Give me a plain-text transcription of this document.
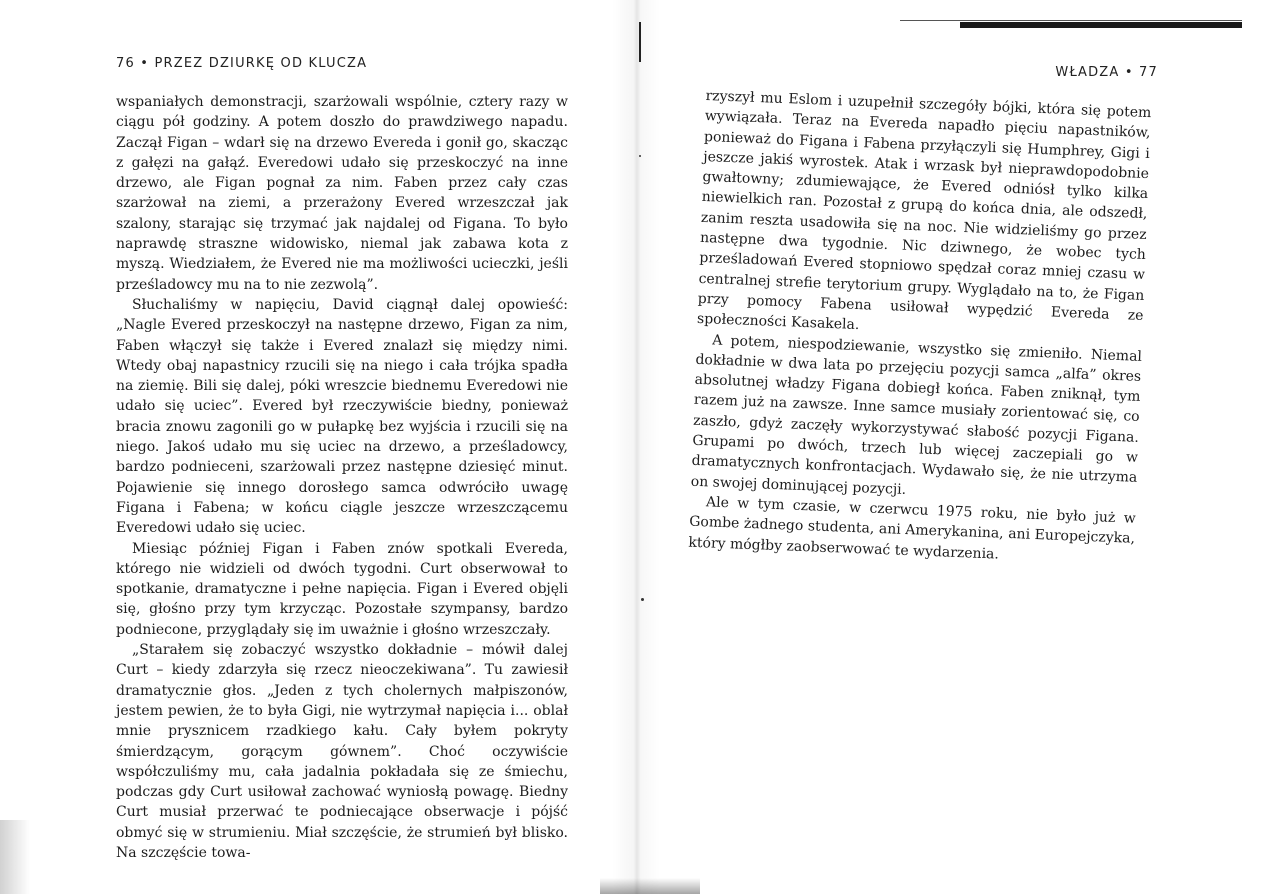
76 • PRZEZ DZIURKĘ OD KLUCZA
WŁADZA • 77

wspaniałych demonstracji, szarżowali wspólnie, cztery razy w ciągu pół godziny. A potem doszło do prawdziwego napadu. Zaczął Figan – wdarł się na drzewo Evereda i gonił go, skacząc z gałęzi na gałąź. Everedowi udało się przeskoczyć na inne drzewo, ale Figan pognał za nim. Faben przez cały czas szarżował na ziemi, a przerażony Evered wrzeszczał jak szalony, starając się trzymać jak najdalej od Figana. To było naprawdę straszne widowisko, niemal jak zabawa kota z myszą. Wiedziałem, że Evered nie ma możliwości ucieczki, jeśli prześladowcy mu na to nie zezwolą”.

Słuchaliśmy w napięciu, David ciągnął dalej opowieść: „Nagle Evered przeskoczył na następne drzewo, Figan za nim, Faben włączył się także i Evered znalazł się między nimi. Wtedy obaj napastnicy rzucili się na niego i cała trójka spadła na ziemię. Bili się dalej, póki wreszcie biednemu Everedowi nie udało się uciec”. Evered był rzeczywiście biedny, ponieważ bracia znowu zagonili go w pułapkę bez wyjścia i rzucili się na niego. Jakoś udało mu się uciec na drzewo, a prześladowcy, bardzo podnieceni, szarżowali przez następne dziesięć minut. Pojawienie się innego dorosłego samca odwróciło uwagę Figana i Fabena; w końcu ciągle jeszcze wrzeszczącemu Everedowi udało się uciec.

Miesiąc później Figan i Faben znów spotkali Evereda, którego nie widzieli od dwóch tygodni. Curt obserwował to spotkanie, dramatyczne i pełne napięcia. Figan i Evered objęli się, głośno przy tym krzycząc. Pozostałe szympansy, bardzo podniecone, przyglądały się im uważnie i głośno wrzeszczały.

„Starałem się zobaczyć wszystko dokładnie – mówił dalej Curt – kiedy zdarzyła się rzecz nieoczekiwana”. Tu zawiesił dramatycznie głos. „Jeden z tych cholernych małpiszonów, jestem pewien, że to była Gigi, nie wytrzymał napięcia i... oblał mnie prysznicem rzadkiego kału. Cały byłem pokryty śmierdzącym, gorącym gównem”. Choć oczywiście współczuliśmy mu, cała jadalnia pokładała się ze śmiechu, podczas gdy Curt usiłował zachować wyniosłą powagę. Biedny Curt musiał przerwać te podniecające obserwacje i pójść obmyć się w strumieniu. Miał szczęście, że strumień był blisko. Na szczęście towa-

rzyszył mu Eslom i uzupełnił szczegóły bójki, która się potem wywiązała. Teraz na Evereda napadło pięciu napastników, ponieważ do Figana i Fabena przyłączyli się Humphrey, Gigi i jeszcze jakiś wyrostek. Atak i wrzask był nieprawdopodobnie gwałtowny; zdumiewające, że Evered odniósł tylko kilka niewielkich ran. Pozostał z grupą do końca dnia, ale odszedł, zanim reszta usadowiła się na noc. Nie widzieliśmy go przez następne dwa tygodnie. Nic dziwnego, że wobec tych prześladowań Evered stopniowo spędzał coraz mniej czasu w centralnej strefie terytorium grupy. Wyglądało na to, że Figan przy pomocy Fabena usiłował wypędzić Evereda ze społeczności Kasakela.

A potem, niespodziewanie, wszystko się zmieniło. Niemal dokładnie w dwa lata po przejęciu pozycji samca „alfa” okres absolutnej władzy Figana dobiegł końca. Faben zniknął, tym razem już na zawsze. Inne samce musiały zorientować się, co zaszło, gdyż zaczęły wykorzystywać słabość pozycji Figana. Grupami po dwóch, trzech lub więcej zaczepiali go w dramatycznych konfrontacjach. Wydawało się, że nie utrzyma on swojej dominującej pozycji.

Ale w tym czasie, w czerwcu 1975 roku, nie było już w Gombe żadnego studenta, ani Amerykanina, ani Europejczyka, który mógłby zaobserwować te wydarzenia.
